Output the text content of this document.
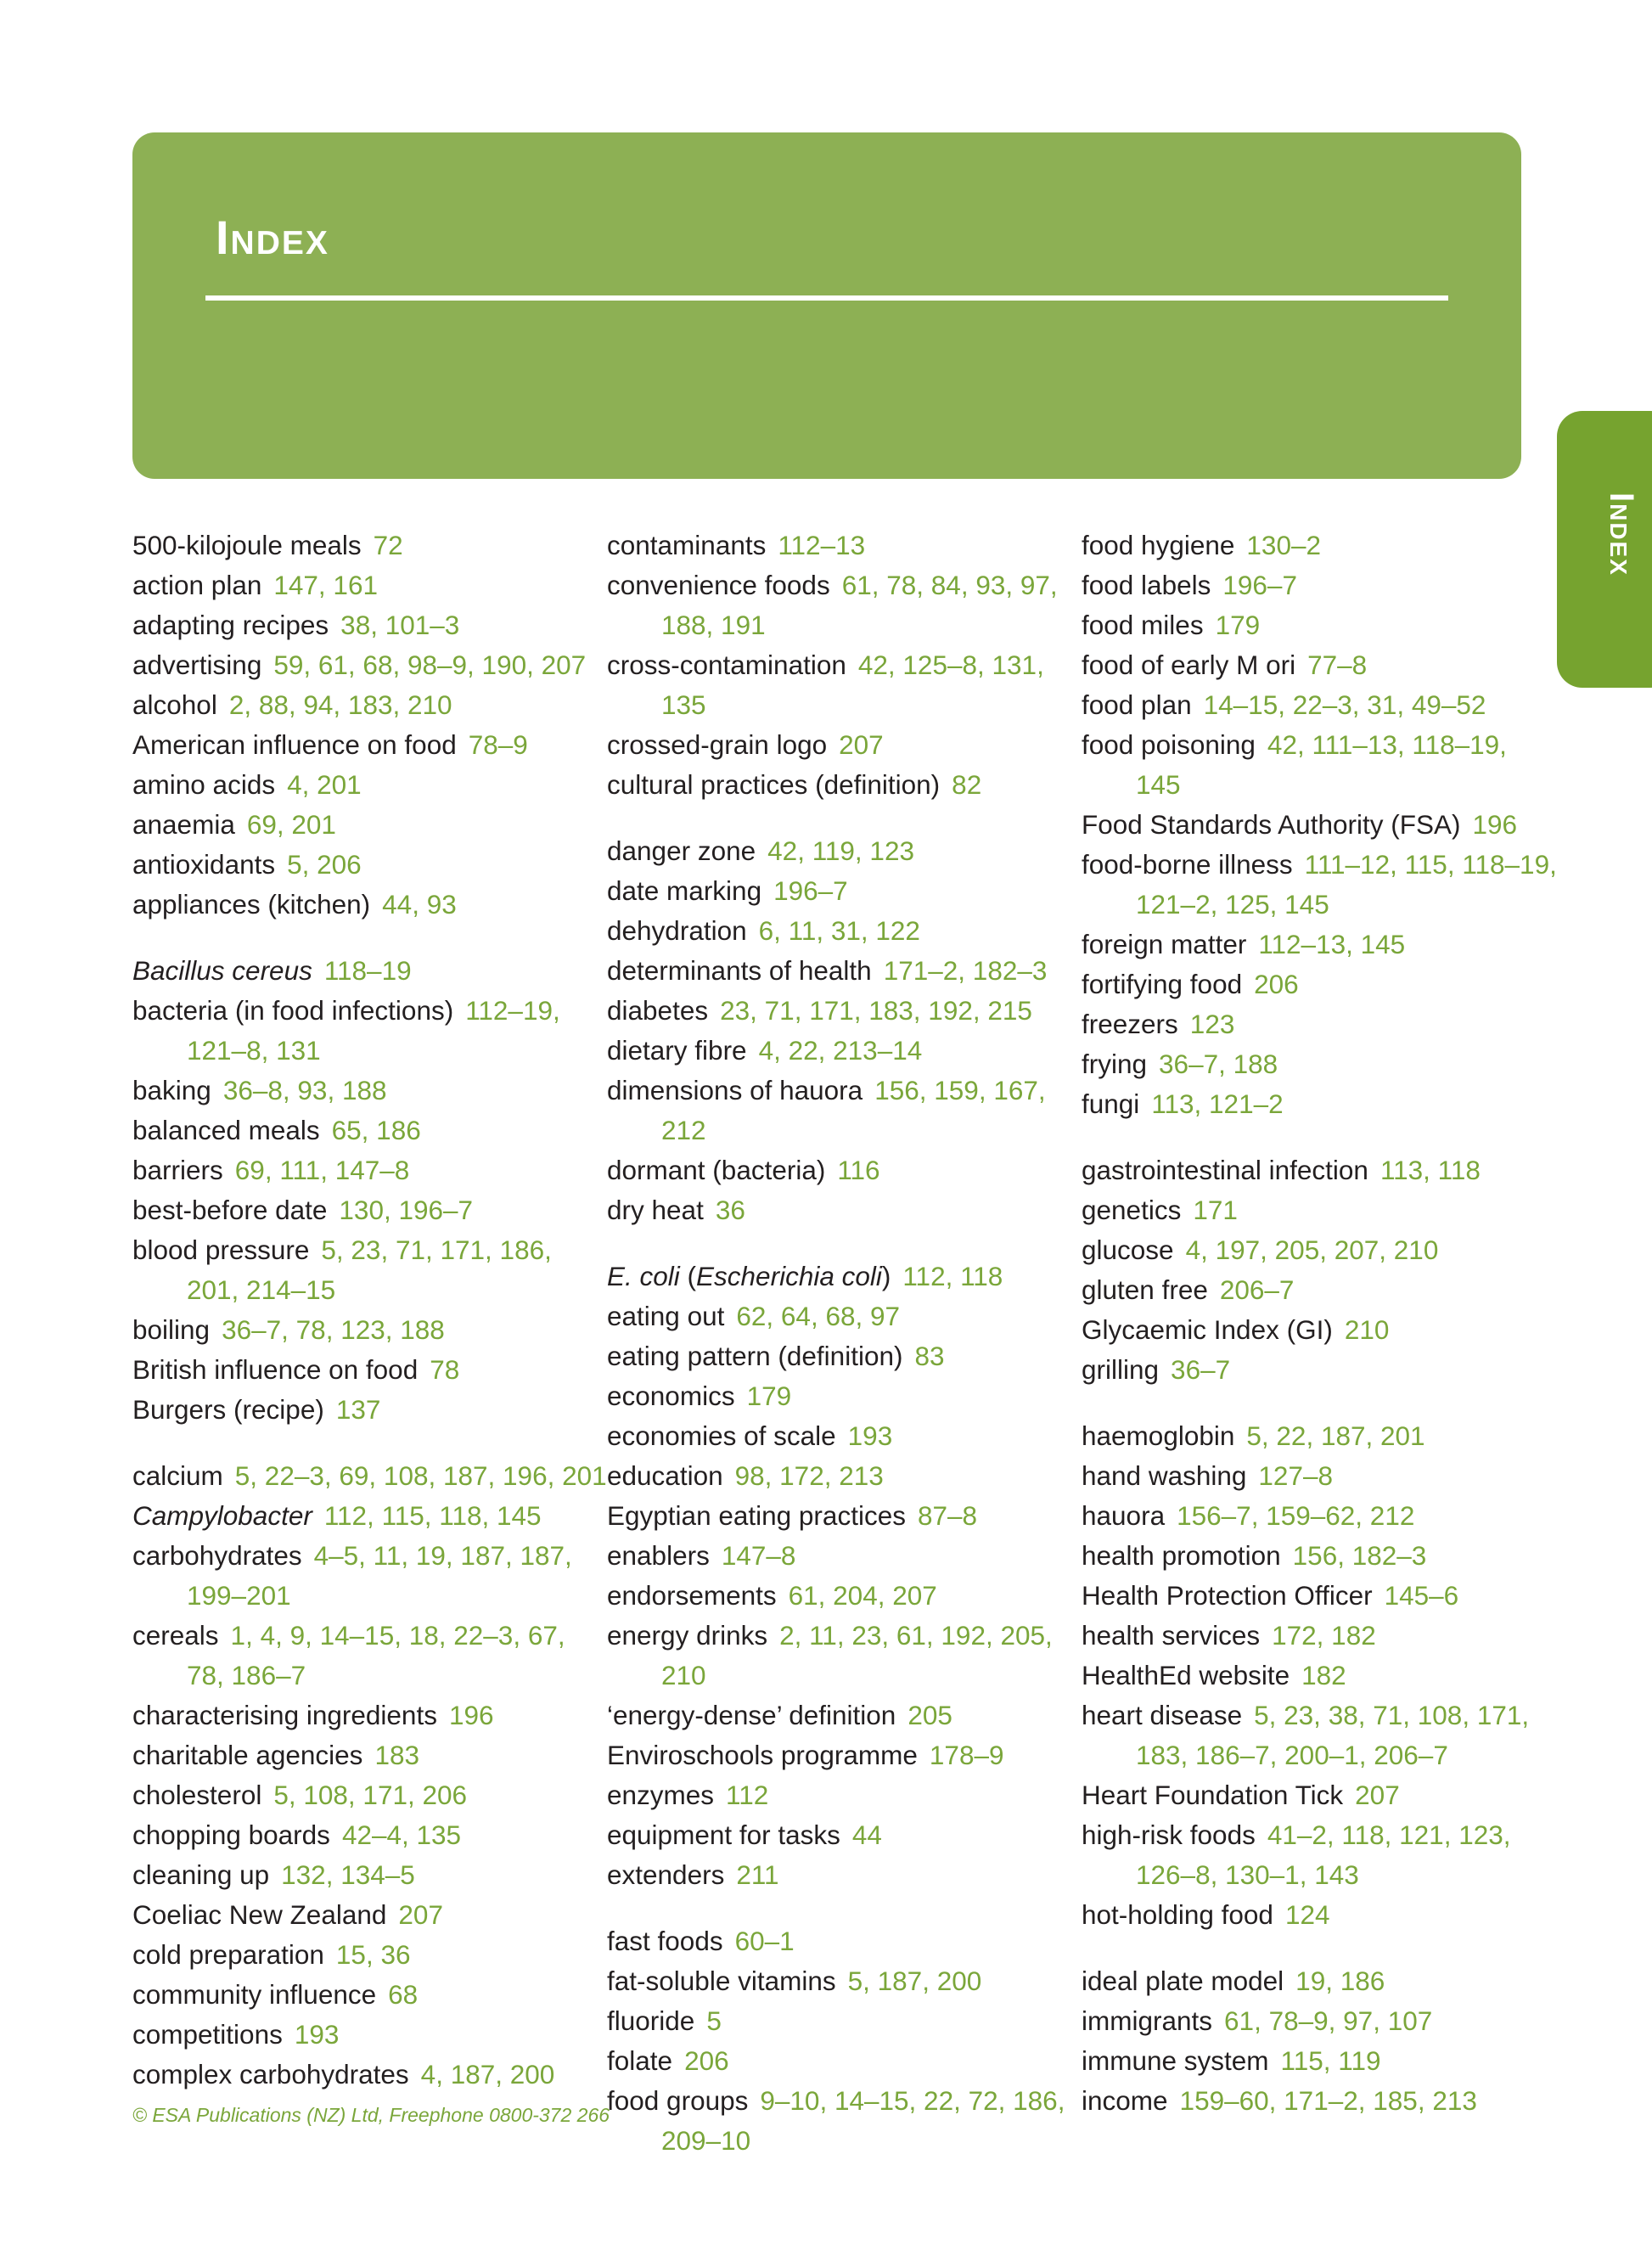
Index
Index
500-kilojoule meals 72
action plan 147, 161
adapting recipes 38, 101–3
advertising 59, 61, 68, 98–9, 190, 207
alcohol 2, 88, 94, 183, 210
American influence on food 78–9
amino acids 4, 201
anaemia 69, 201
antioxidants 5, 206
appliances (kitchen) 44, 93
Bacillus cereus 118–19
bacteria (in food infections) 112–19, 121–8, 131
baking 36–8, 93, 188
balanced meals 65, 186
barriers 69, 111, 147–8
best-before date 130, 196–7
blood pressure 5, 23, 71, 171, 186, 201, 214–15
boiling 36–7, 78, 123, 188
British influence on food 78
Burgers (recipe) 137
calcium 5, 22–3, 69, 108, 187, 196, 201
Campylobacter 112, 115, 118, 145
carbohydrates 4–5, 11, 19, 187, 187, 199–201
cereals 1, 4, 9, 14–15, 18, 22–3, 67, 78, 186–7
characterising ingredients 196
charitable agencies 183
cholesterol 5, 108, 171, 206
chopping boards 42–4, 135
cleaning up 132, 134–5
Coeliac New Zealand 207
cold preparation 15, 36
community influence 68
competitions 193
complex carbohydrates 4, 187, 200
contaminants 112–13
convenience foods 61, 78, 84, 93, 97, 188, 191
cross-contamination 42, 125–8, 131, 135
crossed-grain logo 207
cultural practices (definition) 82
danger zone 42, 119, 123
date marking 196–7
dehydration 6, 11, 31, 122
determinants of health 171–2, 182–3
diabetes 23, 71, 171, 183, 192, 215
dietary fibre 4, 22, 213–14
dimensions of hauora 156, 159, 167, 212
dormant (bacteria) 116
dry heat 36
E. coli (Escherichia coli) 112, 118
eating out 62, 64, 68, 97
eating pattern (definition) 83
economics 179
economies of scale 193
education 98, 172, 213
Egyptian eating practices 87–8
enablers 147–8
endorsements 61, 204, 207
energy drinks 2, 11, 23, 61, 192, 205, 210
‘energy-dense’ definition 205
Enviroschools programme 178–9
enzymes 112
equipment for tasks 44
extenders 211
fast foods 60–1
fat-soluble vitamins 5, 187, 200
fluoride 5
folate 206
food groups 9–10, 14–15, 22, 72, 186, 209–10
food hygiene 130–2
food labels 196–7
food miles 179
food of early M ori 77–8
food plan 14–15, 22–3, 31, 49–52
food poisoning 42, 111–13, 118–19, 145
Food Standards Authority (FSA) 196
food-borne illness 111–12, 115, 118–19, 121–2, 125, 145
foreign matter 112–13, 145
fortifying food 206
freezers 123
frying 36–7, 188
fungi 113, 121–2
gastrointestinal infection 113, 118
genetics 171
glucose 4, 197, 205, 207, 210
gluten free 206–7
Glycaemic Index (GI) 210
grilling 36–7
haemoglobin 5, 22, 187, 201
hand washing 127–8
hauora 156–7, 159–62, 212
health promotion 156, 182–3
Health Protection Officer 145–6
health services 172, 182
HealthEd website 182
heart disease 5, 23, 38, 71, 108, 171, 183, 186–7, 200–1, 206–7
Heart Foundation Tick 207
high-risk foods 41–2, 118, 121, 123, 126–8, 130–1, 143
hot-holding food 124
ideal plate model 19, 186
immigrants 61, 78–9, 97, 107
immune system 115, 119
income 159–60, 171–2, 185, 213
© ESA Publications (NZ) Ltd, Freephone 0800-372 266
